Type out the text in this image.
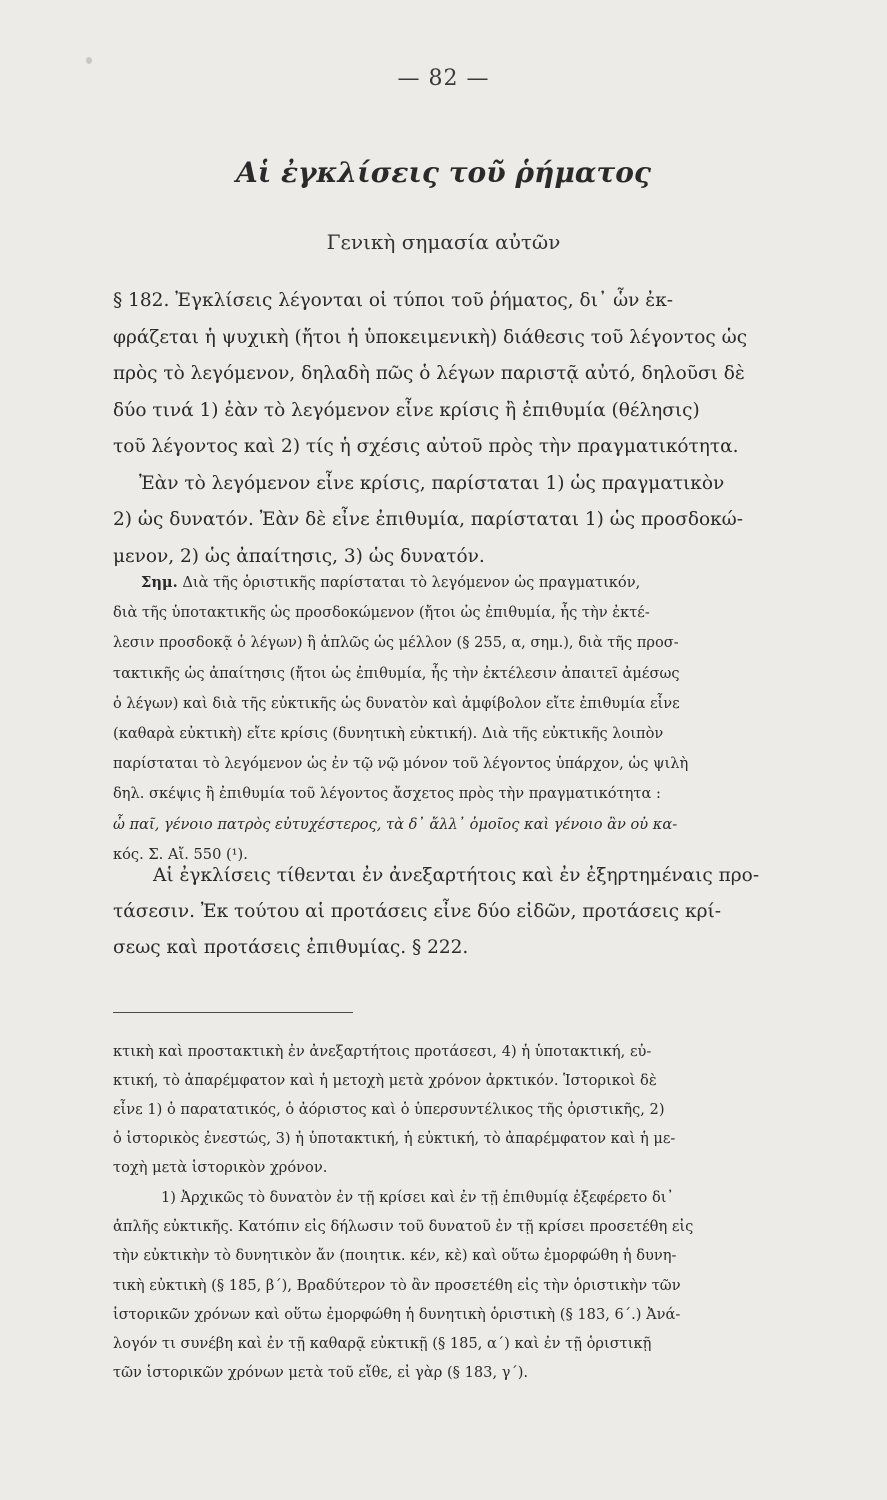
— 82 —
Αἱ ἐγκλίσεις τοῦ ῥήματος
Γενικὴ σημασία αὐτῶν
§ 182. Ἐγκλίσεις λέγονται οἱ τύποι τοῦ ῥήματος, δι᾽ ὧν ἐκ-
φράζεται ἡ ψυχικὴ (ἤτοι ἡ ὑποκειμενικὴ) διάθεσις τοῦ λέγοντος ὡς
πρὸς τὸ λεγόμενον, δηλαδὴ πῶς ὁ λέγων παριστᾷ αὐτό, δηλοῦσι δὲ
δύο τινά 1) ἐὰν τὸ λεγόμενον εἶνε κρίσις ἢ ἐπιθυμία (θέλησις)
τοῦ λέγοντος καὶ 2) τίς ἡ σχέσις αὐτοῦ πρὸς τὴν πραγματικότητα.
Ἐὰν τὸ λεγόμενον εἶνε κρίσις, παρίσταται 1) ὡς πραγματικὸν
2) ὡς δυνατόν. Ἐὰν δὲ εἶνε ἐπιθυμία, παρίσταται 1) ὡς προσδοκώ-
μενον, 2) ὡς ἀπαίτησις, 3) ὡς δυνατόν.
Σημ. Διὰ τῆς ὁριστικῆς παρίσταται τὸ λεγόμενον ὡς πραγματικόν,
διὰ τῆς ὑποτακτικῆς ὡς προσδοκώμενον (ἤτοι ὡς ἐπιθυμία, ἧς τὴν ἐκτέ-
λεσιν προσδοκᾷ ὁ λέγων) ἢ ἁπλῶς ὡς μέλλον (§ 255, α, σημ.), διὰ τῆς προσ-
τακτικῆς ὡς ἀπαίτησις (ἤτοι ὡς ἐπιθυμία, ἧς τὴν ἐκτέλεσιν ἀπαιτεῖ ἀμέσως
ὁ λέγων) καὶ διὰ τῆς εὐκτικῆς ὡς δυνατὸν καὶ ἀμφίβολον εἴτε ἐπιθυμία εἶνε
(καθαρὰ εὐκτικὴ) εἴτε κρίσις (δυνητικὴ εὐκτική). Διὰ τῆς εὐκτικῆς λοιπὸν
παρίσταται τὸ λεγόμενον ὡς ἐν τῷ νῷ μόνον τοῦ λέγοντος ὑπάρχον, ὡς ψιλὴ
δηλ. σκέψις ἢ ἐπιθυμία τοῦ λέγοντος ἄσχετος πρὸς τὴν πραγματικότητα :
ὦ παῖ, γένοιο πατρὸς εὐτυχέστερος, τὰ δ᾽ ἄλλ᾽ ὁμοῖος καὶ γένοιο ἂν οὐ κα-
κός. Σ. Αἴ. 550 (¹).
Αἱ ἐγκλίσεις τίθενται ἐν ἀνεξαρτήτοις καὶ ἐν ἐξηρτημέναις προ-
τάσεσιν. Ἐκ τούτου αἱ προτάσεις εἶνε δύο εἰδῶν, προτάσεις κρί-
σεως καὶ προτάσεις ἐπιθυμίας. § 222.
κτικὴ καὶ προστακτικὴ ἐν ἀνεξαρτήτοις προτάσεσι, 4) ἡ ὑποτακτική, εὐ-
κτική, τὸ ἀπαρέμφατον καὶ ἡ μετοχὴ μετὰ χρόνον ἀρκτικόν. Ἱστορικοὶ δὲ
εἶνε 1) ὁ παρατατικός, ὁ ἀόριστος καὶ ὁ ὑπερσυντέλικος τῆς ὁριστικῆς, 2)
ὁ ἱστορικὸς ἐνεστώς, 3) ἡ ὑποτακτική, ἡ εὐκτική, τὸ ἀπαρέμφατον καὶ ἡ με-
τοχὴ μετὰ ἱστορικὸν χρόνον.
1) Ἀρχικῶς τὸ δυνατὸν ἐν τῇ κρίσει καὶ ἐν τῇ ἐπιθυμίᾳ ἐξεφέρετο δι᾽
ἁπλῆς εὐκτικῆς. Κατόπιν εἰς δήλωσιν τοῦ δυνατοῦ ἐν τῇ κρίσει προσετέθη εἰς
τὴν εὐκτικὴν τὸ δυνητικὸν ἄν (ποιητικ. κέν, κὲ) καὶ οὕτω ἐμορφώθη ἡ δυνη-
τικὴ εὐκτικὴ (§ 185, β΄), Βραδύτερον τὸ ἂν προσετέθη εἰς τὴν ὁριστικὴν τῶν
ἱστορικῶν χρόνων καὶ οὕτω ἐμορφώθη ἡ δυνητικὴ ὁριστικὴ (§ 183, 6΄.) Ἀνά-
λογόν τι συνέβη καὶ ἐν τῇ καθαρᾷ εὐκτικῇ (§ 185, α΄) καὶ ἐν τῇ ὁριστικῇ
τῶν ἱστορικῶν χρόνων μετὰ τοῦ εἴθε, εἰ γὰρ (§ 183, γ΄).
